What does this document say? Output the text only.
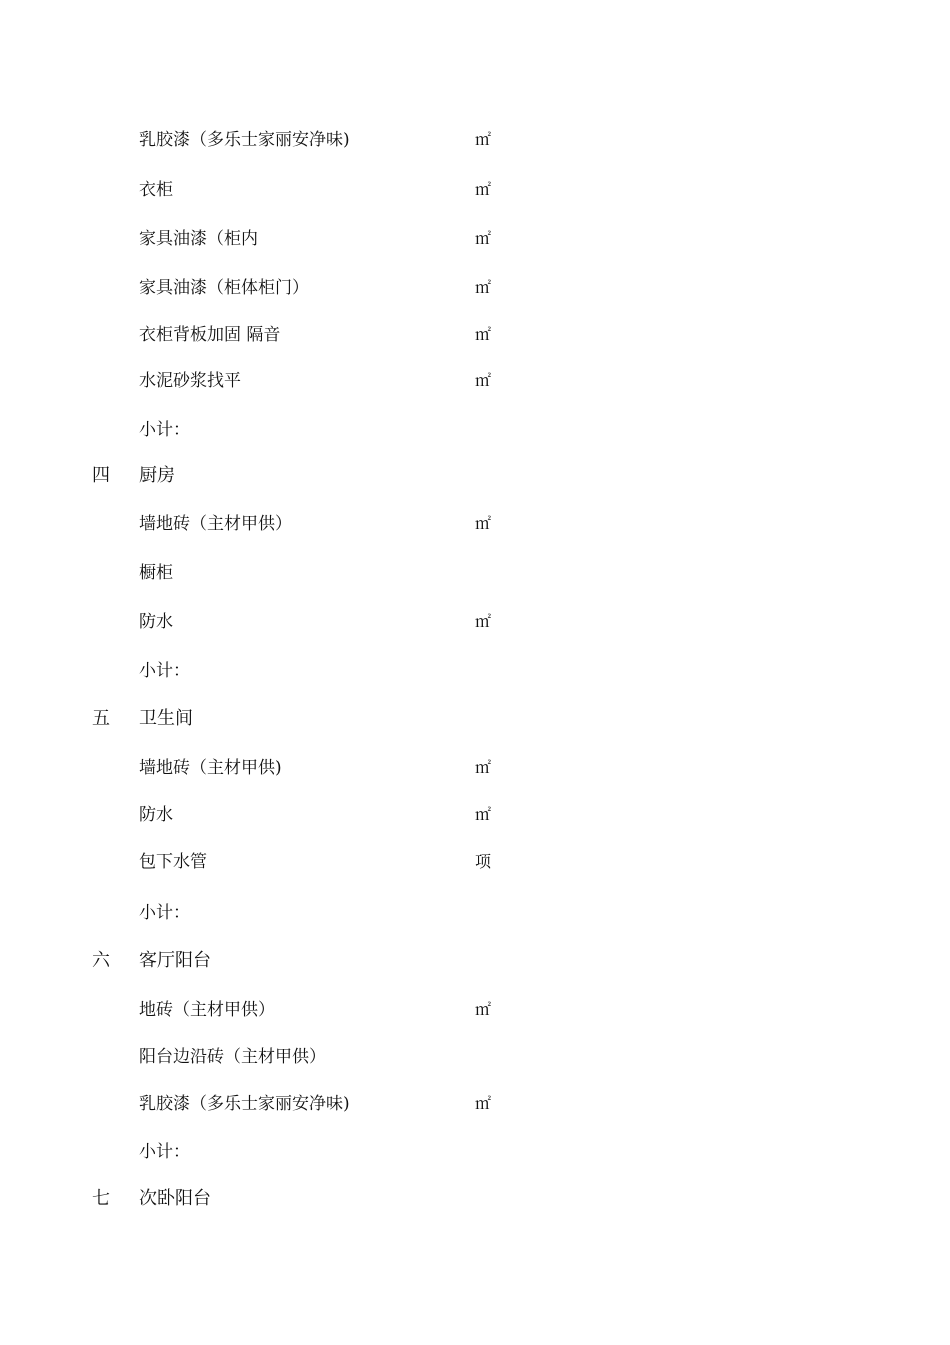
乳胶漆（多乐士家丽安净味)	㎡
衣柜	㎡
家具油漆（柜内	㎡
家具油漆（柜体柜门）	㎡
衣柜背板加固 隔音	㎡
水泥砂浆找平	㎡
小计：
四 厨房
墙地砖（主材甲供）	㎡
橱柜
防水	㎡
小计：
五 卫生间
墙地砖（主材甲供)	㎡
防水	㎡
包下水管	项
小计：
六 客厅阳台
地砖（主材甲供）	㎡
阳台边沿砖（主材甲供）
乳胶漆（多乐士家丽安净味)	㎡
小计：
七 次卧阳台
